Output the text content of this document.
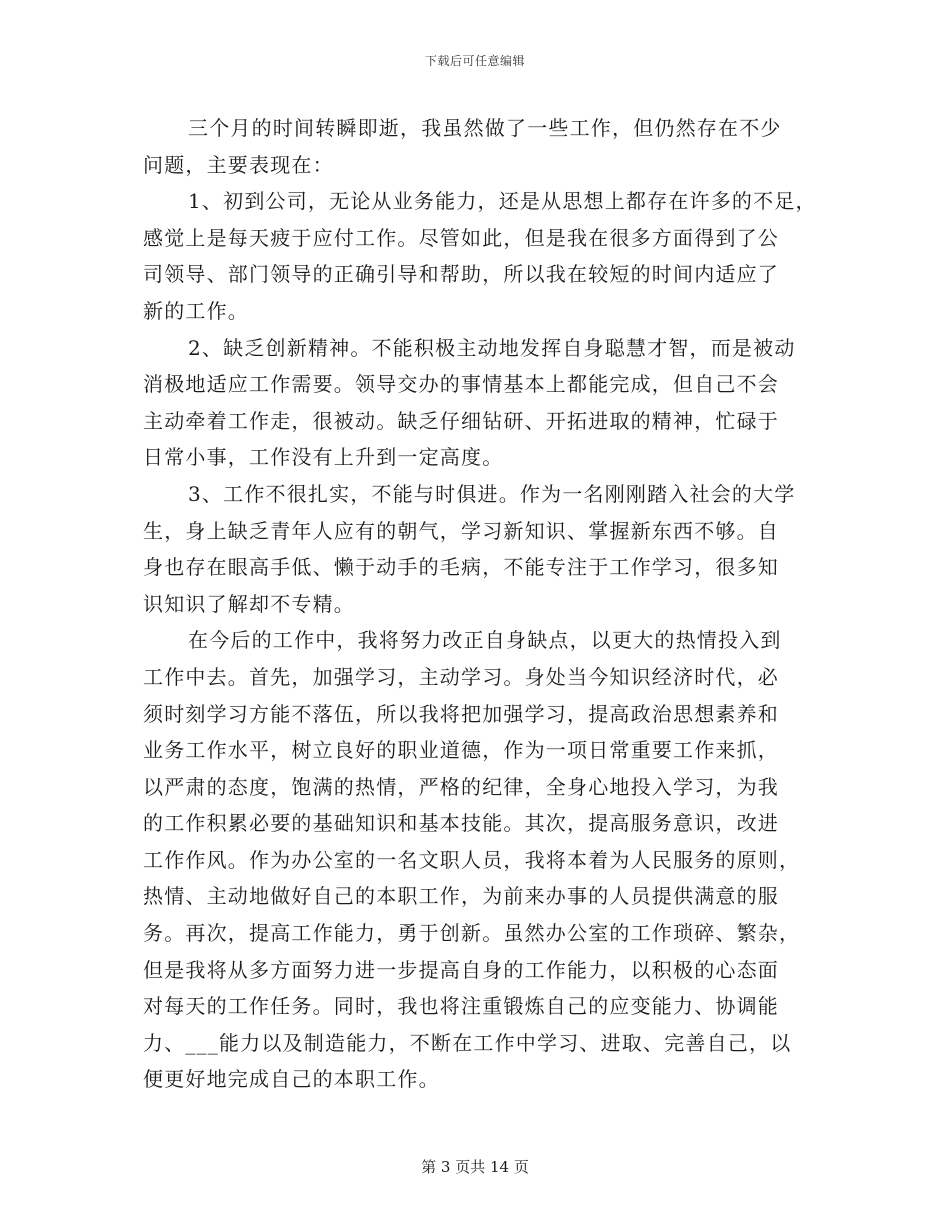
下载后可任意编辑
三个月的时间转瞬即逝，我虽然做了一些工作，但仍然存在不少
问题，主要表现在：
1、初到公司，无论从业务能力，还是从思想上都存在许多的不足，
感觉上是每天疲于应付工作。尽管如此，但是我在很多方面得到了公
司领导、部门领导的正确引导和帮助，所以我在较短的时间内适应了
新的工作。
2、缺乏创新精神。不能积极主动地发挥自身聪慧才智，而是被动
消极地适应工作需要。领导交办的事情基本上都能完成，但自己不会
主动牵着工作走，很被动。缺乏仔细钻研、开拓进取的精神，忙碌于
日常小事，工作没有上升到一定高度。
3、工作不很扎实，不能与时俱进。作为一名刚刚踏入社会的大学
生，身上缺乏青年人应有的朝气，学习新知识、掌握新东西不够。自
身也存在眼高手低、懒于动手的毛病，不能专注于工作学习，很多知
识知识了解却不专精。
在今后的工作中，我将努力改正自身缺点，以更大的热情投入到
工作中去。首先，加强学习，主动学习。身处当今知识经济时代，必
须时刻学习方能不落伍，所以我将把加强学习，提高政治思想素养和
业务工作水平，树立良好的职业道德，作为一项日常重要工作来抓，
以严肃的态度，饱满的热情，严格的纪律，全身心地投入学习，为我
的工作积累必要的基础知识和基本技能。其次，提高服务意识，改进
工作作风。作为办公室的一名文职人员，我将本着为人民服务的原则，
热情、主动地做好自己的本职工作，为前来办事的人员提供满意的服
务。再次，提高工作能力，勇于创新。虽然办公室的工作琐碎、繁杂，
但是我将从多方面努力进一步提高自身的工作能力，以积极的心态面
对每天的工作任务。同时，我也将注重锻炼自己的应变能力、协调能
力、___能力以及制造能力，不断在工作中学习、进取、完善自己，以
便更好地完成自己的本职工作。
第 3 页共 14 页
